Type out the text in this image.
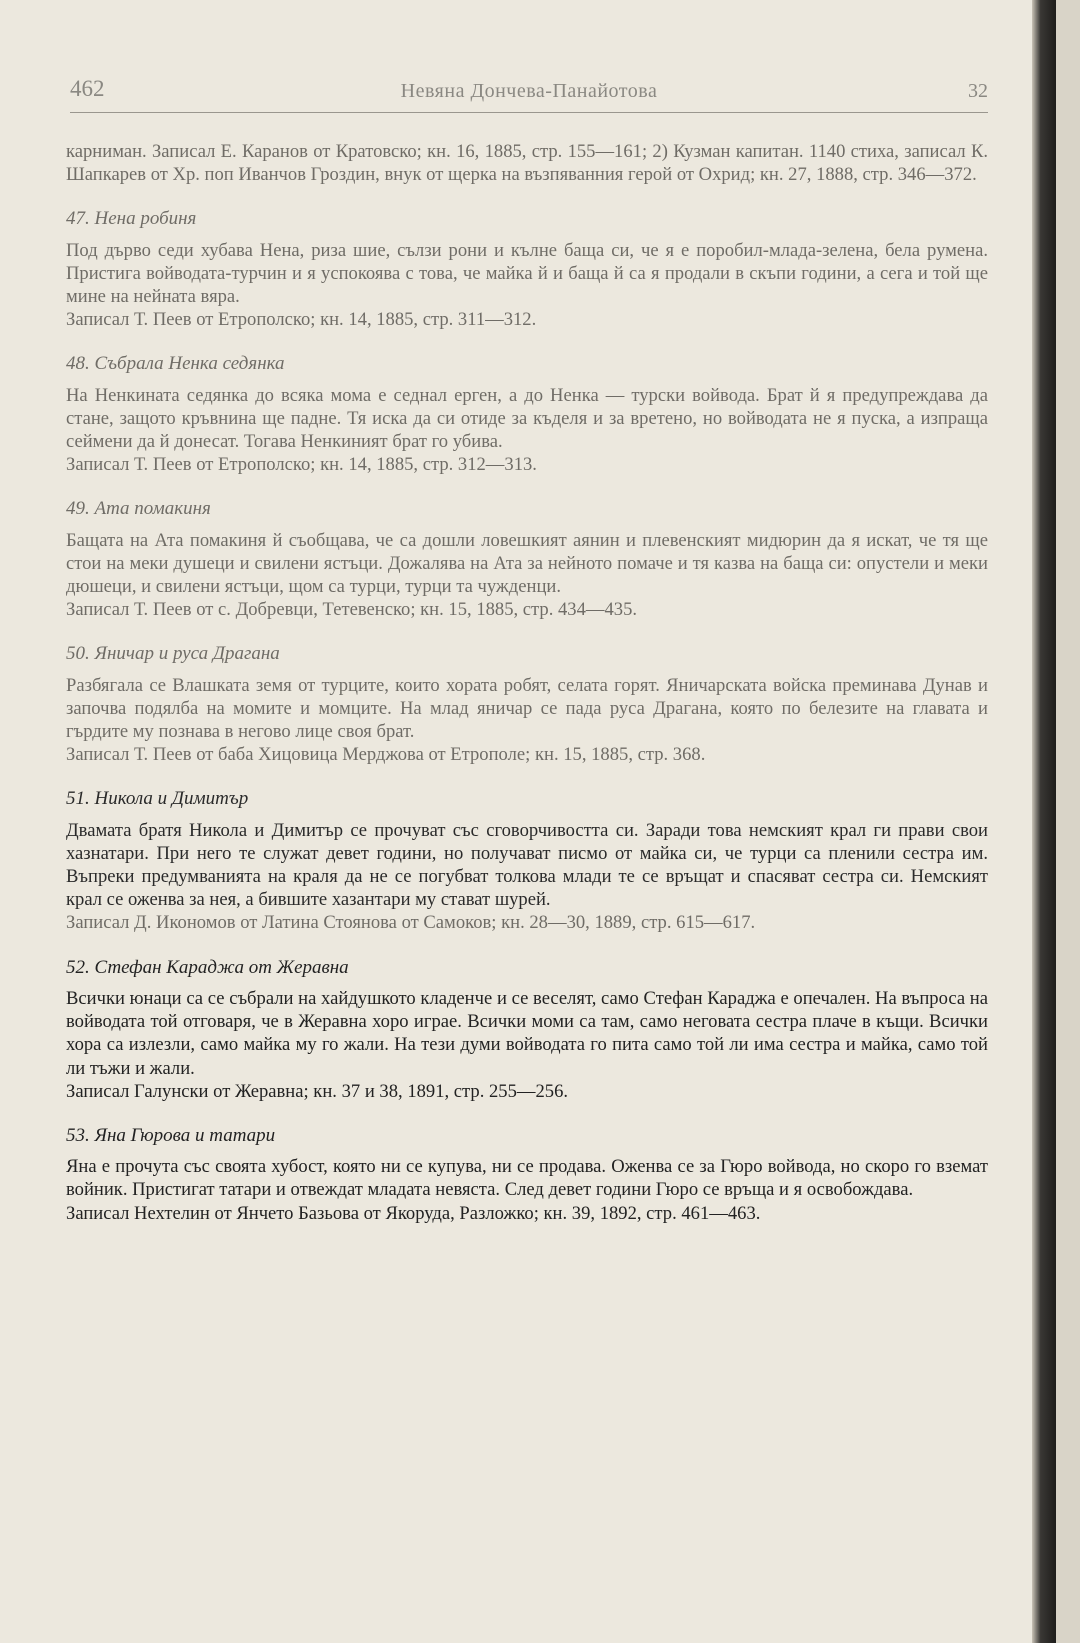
462	Невяна Дончева-Панайотова	32

карниман. Записал Е. Каранов от Кратовско; кн. 16, 1885, стр. 155—161; 2) Кузман капитан. 1140 стиха, записал К. Шапкарев от Хр. поп Иванчов Гроздин, внук от щерка на възпяванния герой от Охрид; кн. 27, 1888, стр. 346—372.

47. Нена робиня

Под дърво седи хубава Нена, риза шие, сълзи рони и кълне баща си, че я е поробил-млада-зелена, бела румена. Пристига войводата-турчин и я успокоява с това, че майка й и баща й са я продали в скъпи години, а сега и той ще мине на нейната вяра.

Записал Т. Пеев от Етрополско; кн. 14, 1885, стр. 311—312.

48. Събрала Ненка седянка

На Ненкината седянка до всяка мома е седнал ерген, а до Ненка — турски войвода. Брат й я предупреждава да стане, защото кръвнина ще падне. Тя иска да си отиде за къделя и за вретено, но войводата не я пуска, а изпраща сеймени да й донесат. Тогава Ненкиният брат го убива.

Записал Т. Пеев от Етрополско; кн. 14, 1885, стр. 312—313.

49. Ата помакиня

Бащата на Ата помакиня й съобщава, че са дошли ловешкият аянин и плевенският мидюрин да я искат, че тя ще стои на меки душеци и свилени ястъци. Дожалява на Ата за нейното помаче и тя казва на баща си: опустели и меки дюшеци, и свилени ястъци, щом са турци, турци та чужденци.

Записал Т. Пеев от с. Добревци, Тетевенско; кн. 15, 1885, стр. 434—435.

50. Яничар и руса Драгана

Разбягала се Влашката земя от турците, които хората робят, селата горят. Яничарската войска преминава Дунав и започва подялба на момите и момците. На млад яничар се пада руса Драгана, която по белезите на главата и гърдите му познава в негово лице своя брат.

Записал Т. Пеев от баба Хицовица Мерджова от Етрополе; кн. 15, 1885, стр. 368.

51. Никола и Димитър

Двамата братя Никола и Димитър се прочуват със сговорчивостта си. Заради това немският крал ги прави свои хазнатари. При него те служат девет години, но получават писмо от майка си, че турци са пленили сестра им. Въпреки предумванията на краля да не се погубват толкова млади те се връщат и спасяват сестра си. Немският крал се оженва за нея, а бившите хазантари му стават шурей.

Записал Д. Икономов от Латина Стоянова от Самоков; кн. 28—30, 1889, стр. 615—617.

52. Стефан Караджа от Жеравна

Всички юнаци са се събрали на хайдушкото кладенче и се веселят, само Стефан Караджа е опечален. На въпроса на войводата той отговаря, че в Жеравна хоро играе. Всички моми са там, само неговата сестра плаче в къщи. Всички хора са излезли, само майка му го жали. На тези думи войводата го пита само той ли има сестра и майка, само той ли тъжи и жали.

Записал Галунски от Жеравна; кн. 37 и 38, 1891, стр. 255—256.

53. Яна Гюрова и татари

Яна е прочута със своята хубост, която ни се купува, ни се продава. Оженва се за Гюро войвода, но скоро го вземат войник. Пристигат татари и отвеждат младата невяста. След девет години Гюро се връща и я освобождава.

Записал Нехтелин от Янчето Базьова от Якоруда, Разложко; кн. 39, 1892, стр. 461—463.
